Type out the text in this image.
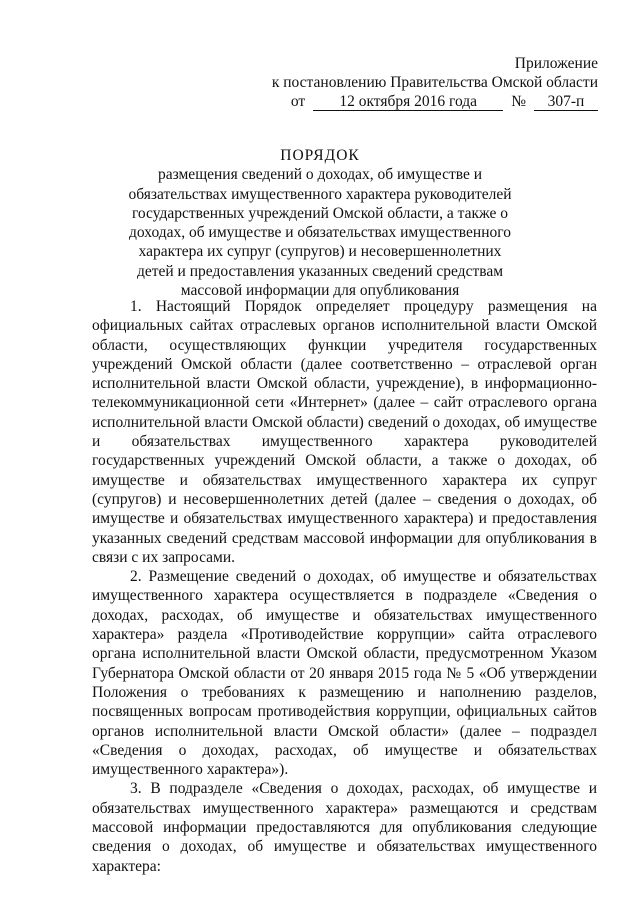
Приложение
к постановлению Правительства Омской области
от	12 октября 2016 года	№	307-п
ПОРЯДОК
размещения сведений о доходах, об имуществе и обязательствах имущественного характера руководителей государственных учреждений Омской области, а также о доходах, об имуществе и обязательствах имущественного характера их супруг (супругов) и несовершеннолетних детей и предоставления указанных сведений средствам массовой информации для опубликования

1. Настоящий Порядок определяет процедуру размещения на официальных сайтах отраслевых органов исполнительной власти Омской области, осуществляющих функции учредителя государственных учреждений Омской области (далее соответственно – отраслевой орган исполнительной власти Омской области, учреждение), в информационно-телекоммуникационной сети «Интернет» (далее – сайт отраслевого органа исполнительной власти Омской области) сведений о доходах, об имуществе и обязательствах имущественного характера руководителей государственных учреждений Омской области, а также о доходах, об имуществе и обязательствах имущественного характера их супруг (супругов) и несовершеннолетних детей (далее – сведения о доходах, об имуществе и обязательствах имущественного характера) и предоставления указанных сведений средствам массовой информации для опубликования в связи с их запросами.

2. Размещение сведений о доходах, об имуществе и обязательствах имущественного характера осуществляется в подразделе «Сведения о доходах, расходах, об имуществе и обязательствах имущественного характера» раздела «Противодействие коррупции» сайта отраслевого органа исполнительной власти Омской области, предусмотренном Указом Губернатора Омской области от 20 января 2015 года № 5 «Об утверждении Положения о требованиях к размещению и наполнению разделов, посвященных вопросам противодействия коррупции, официальных сайтов органов исполнительной власти Омской области» (далее – подраздел «Сведения о доходах, расходах, об имуществе и обязательствах имущественного характера»).

3. В подразделе «Сведения о доходах, расходах, об имуществе и обязательствах имущественного характера» размещаются и средствам массовой информации предоставляются для опубликования следующие сведения о доходах, об имуществе и обязательствах имущественного характера:
